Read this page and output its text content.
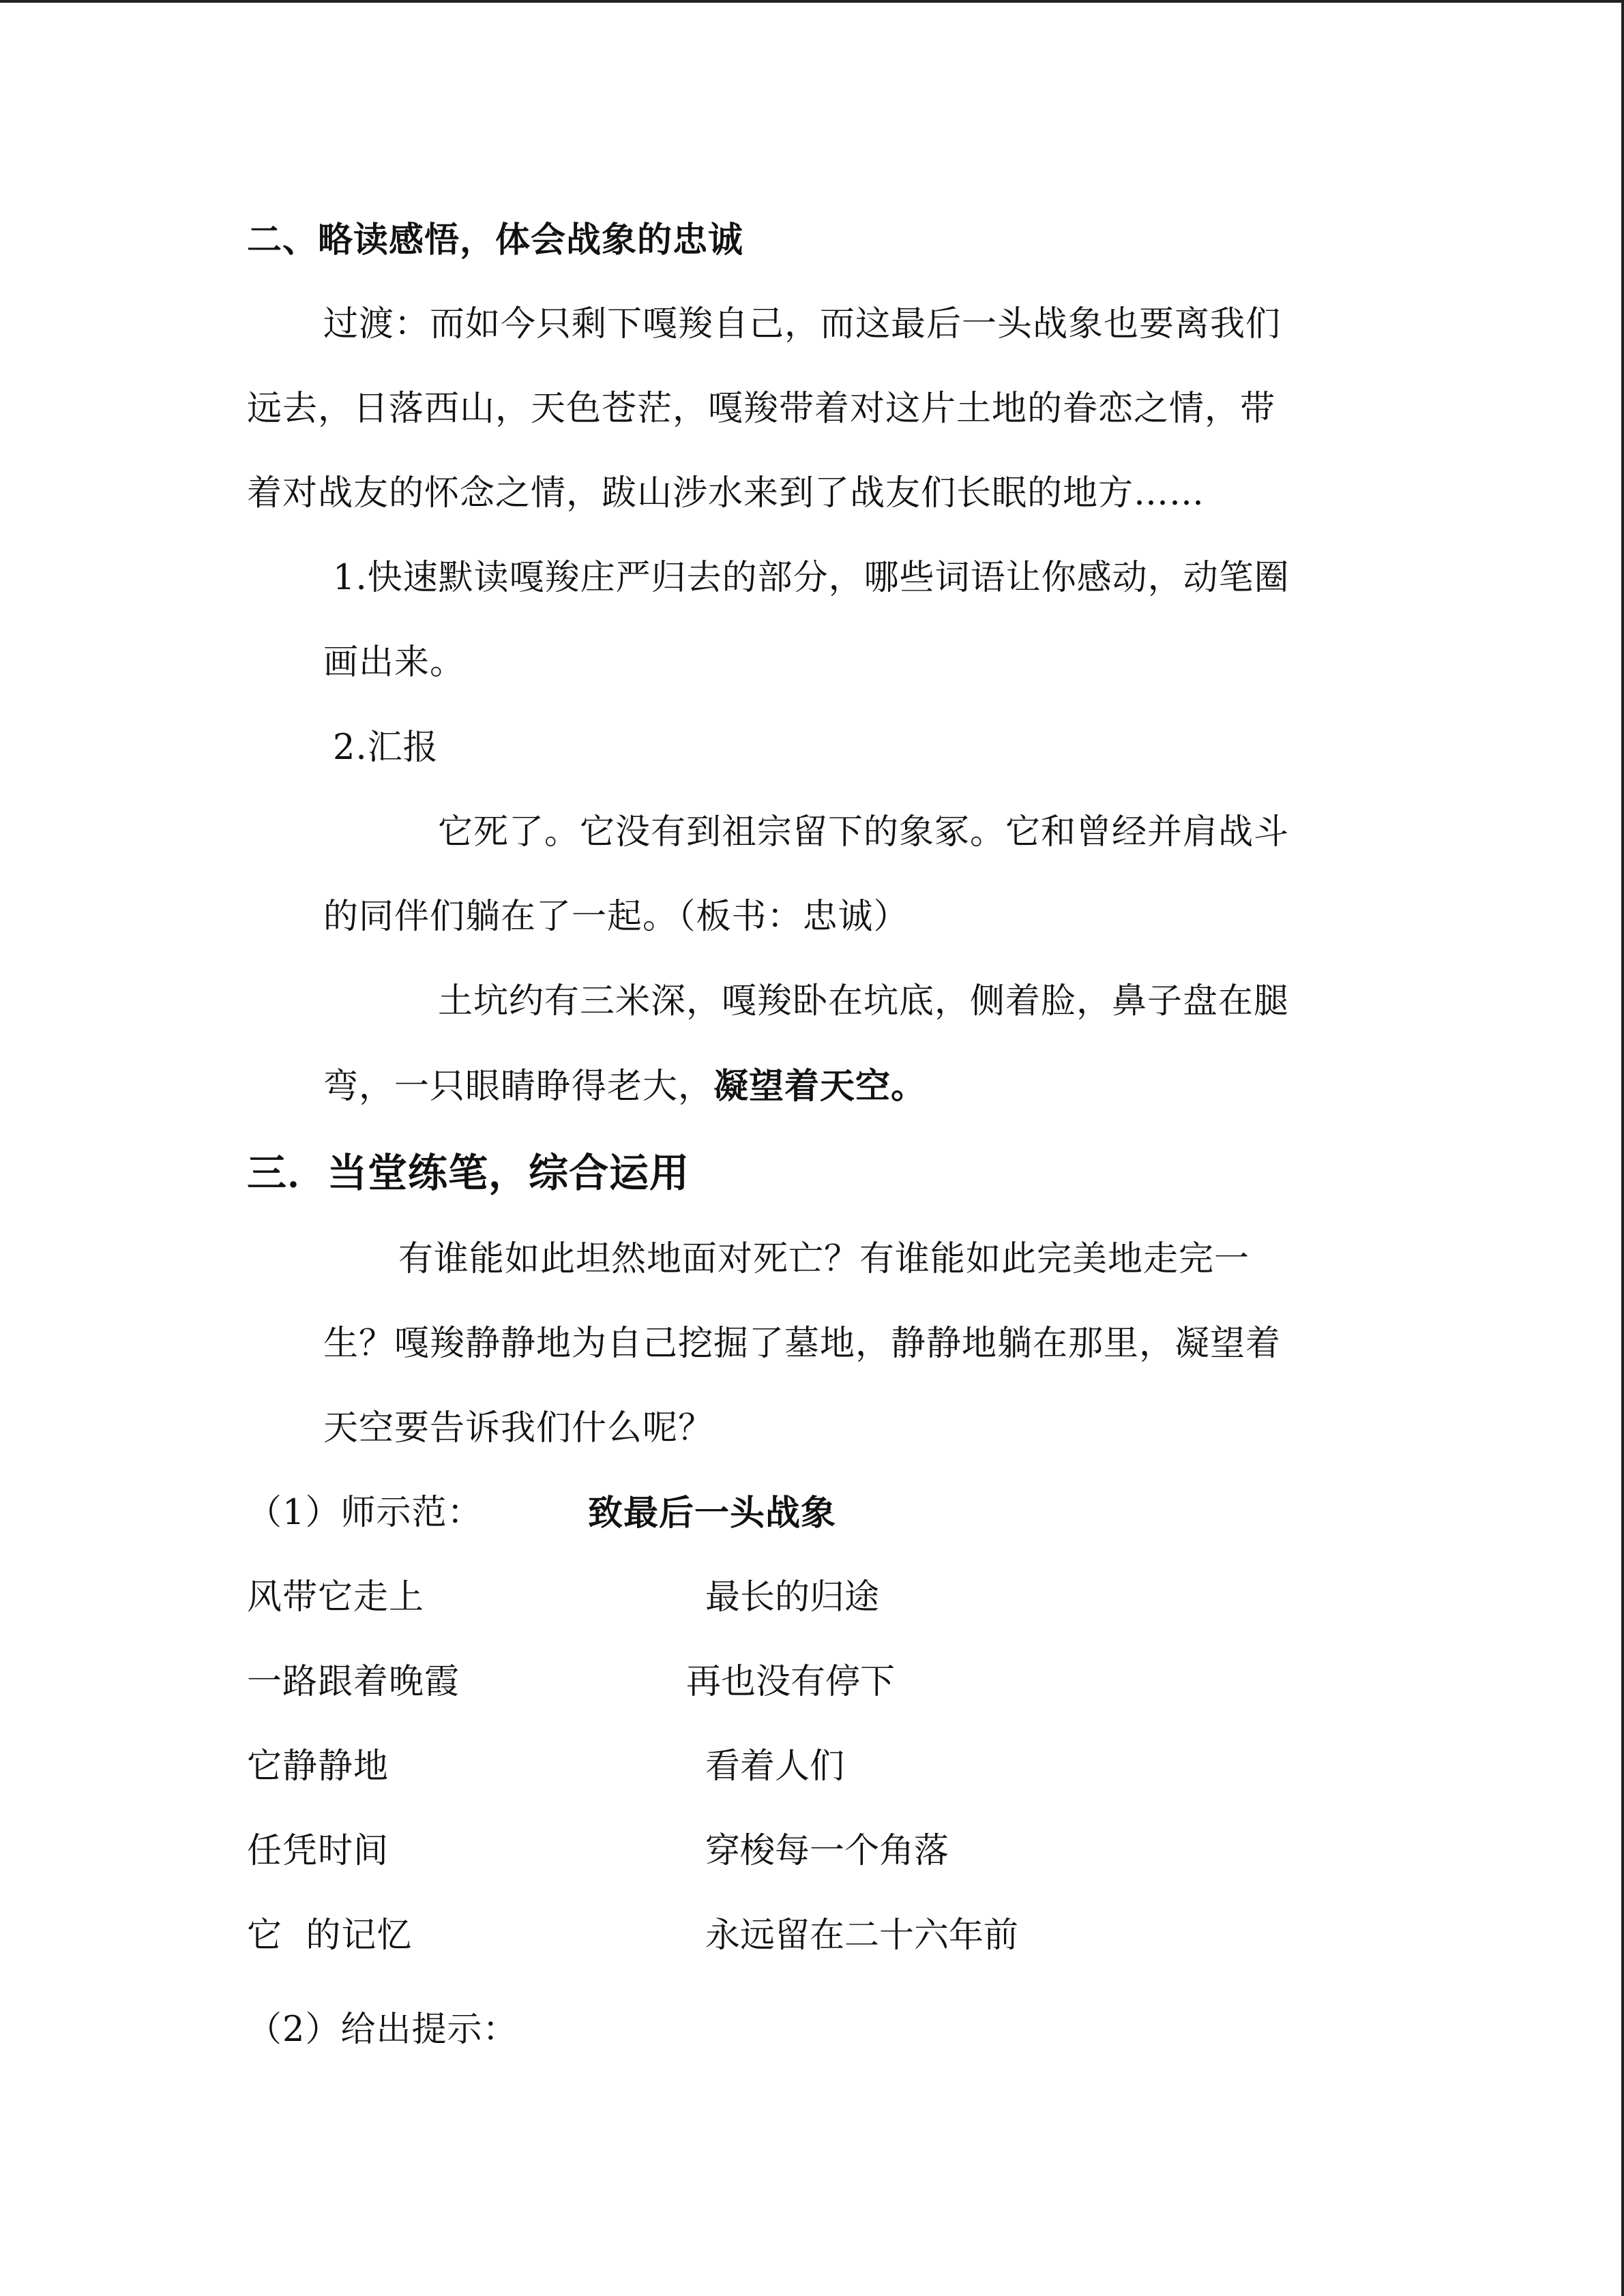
二、略读感悟，体会战象的忠诚
过渡：而如今只剩下嘎羧自己，而这最后一头战象也要离我们
远去，日落西山，天色苍茫，嘎羧带着对这片土地的眷恋之情，带
着对战友的怀念之情，跋山涉水来到了战友们长眠的地方……
1.快速默读嘎羧庄严归去的部分，哪些词语让你感动，动笔圈
画出来。
2.汇报
它死了。它没有到祖宗留下的象冢。它和曾经并肩战斗
的同伴们躺在了一起。（板书：忠诚）
土坑约有三米深，嘎羧卧在坑底，侧着脸，鼻子盘在腿
弯，一只眼睛睁得老大，凝望着天空。
三．当堂练笔，综合运用
有谁能如此坦然地面对死亡？有谁能如此完美地走完一
生？嘎羧静静地为自己挖掘了墓地，静静地躺在那里，凝望着
天空要告诉我们什么呢？
（1）师示范：	致最后一头战象
风带它走上	最长的归途
一路跟着晚霞	再也没有停下
它静静地	看着人们
任凭时间	穿梭每一个角落
它  的记忆	永远留在二十六年前
（2）给出提示：
